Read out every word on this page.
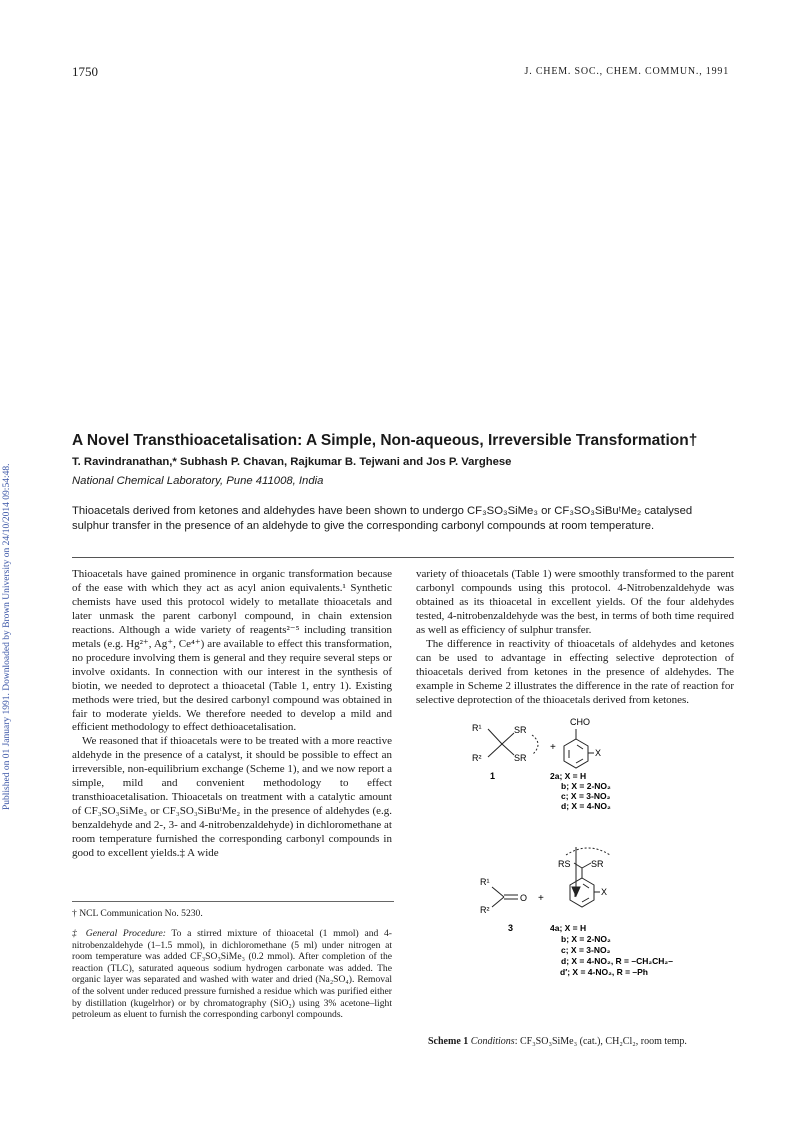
Published on 01 January 1991. Downloaded by Brown University on 24/10/2014 09:54:48.
1750	J. CHEM. SOC., CHEM. COMMUN., 1991
A Novel Transthioacetalisation: A Simple, Non-aqueous, Irreversible Transformation†
T. Ravindranathan,* Subhash P. Chavan, Rajkumar B. Tejwani and Jos P. Varghese
National Chemical Laboratory, Pune 411008, India
Thioacetals derived from ketones and aldehydes have been shown to undergo CF₃SO₃SiMe₃ or CF₃SO₃SiBuᵗMe₂ catalysed sulphur transfer in the presence of an aldehyde to give the corresponding carbonyl compounds at room temperature.

Thioacetals have gained prominence in organic transformation because of the ease with which they act as acyl anion equivalents.¹ Synthetic chemists have used this protocol widely to metallate thioacetals and later unmask the parent carbonyl compound, in chain extension reactions. Although a wide variety of reagents²⁻⁵ including transition metals (e.g. Hg²⁺, Ag⁺, Ce⁴⁺) are available to effect this transformation, no procedure involving them is general and they require several steps or involve oxidants. In connection with our interest in the synthesis of biotin, we needed to deprotect a thioacetal (Table 1, entry 1). Existing methods were tried, but the desired carbonyl compound was obtained in fair to moderate yields. We therefore needed to develop a mild and efficient methodology to effect dethioacetalisation.

We reasoned that if thioacetals were to be treated with a more reactive aldehyde in the presence of a catalyst, it should be possible to effect an irreversible, non-equilibrium exchange (Scheme 1), and we now report a simple, mild and convenient methodology to effect transthioacetalisation. Thioacetals on treatment with a catalytic amount of CF₃SO₃SiMe₃ or CF₃SO₃SiBuᵗMe₂ in the presence of aldehydes (e.g. benzaldehyde and 2-, 3- and 4-nitrobenzaldehyde) in dichloromethane at room temperature furnished the corresponding carbonyl compounds in good to excellent yields.‡ A wide

variety of thioacetals (Table 1) were smoothly transformed to the parent carbonyl compounds using this protocol. 4-Nitrobenzaldehyde was obtained as its thioacetal in excellent yields. Of the four aldehydes tested, 4-nitrobenzaldehyde was the best, in terms of both time required as well as efficiency of sulphur transfer.

The difference in reactivity of thioacetals of aldehydes and ketones can be used to advantage in effecting selective deprotection of thioacetals derived from ketones in the presence of aldehydes. The example in Scheme 2 illustrates the difference in the rate of reaction for selective deprotection of the thioacetals derived from ketones.

† NCL Communication No. 5230.

‡ General Procedure: To a stirred mixture of thioacetal (1 mmol) and 4-nitrobenzaldehyde (1–1.5 mmol), in dichloromethane (5 ml) under nitrogen at room temperature was added CF₃SO₃SiMe₃ (0.2 mmol). After completion of the reaction (TLC), saturated aqueous sodium hydrogen carbonate was added. The organic layer was separated and washed with water and dried (Na₂SO₄). Removal of the solvent under reduced pressure furnished a residue which was purified either by distillation (kugelrhor) or by chromatography (SiO₂) using 3% acetone–light petroleum as eluent to furnish the corresponding carbonyl compounds.

CHO
R¹
R²
SR
SR
+	X
1	2a; X = H
b; X = 2-NO₂
c; X = 3-NO₂
d; X = 4-NO₂
RS SR
X
R¹
R²
O +
3	4a; X = H
b; X = 2-NO₂
c; X = 3-NO₂
d; X = 4-NO₂, R = –CH₂CH₂–
d′; X = 4-NO₂, R = –Ph
Scheme 1 Conditions: CF₃SO₃SiMe₃ (cat.), CH₂Cl₂, room temp.
